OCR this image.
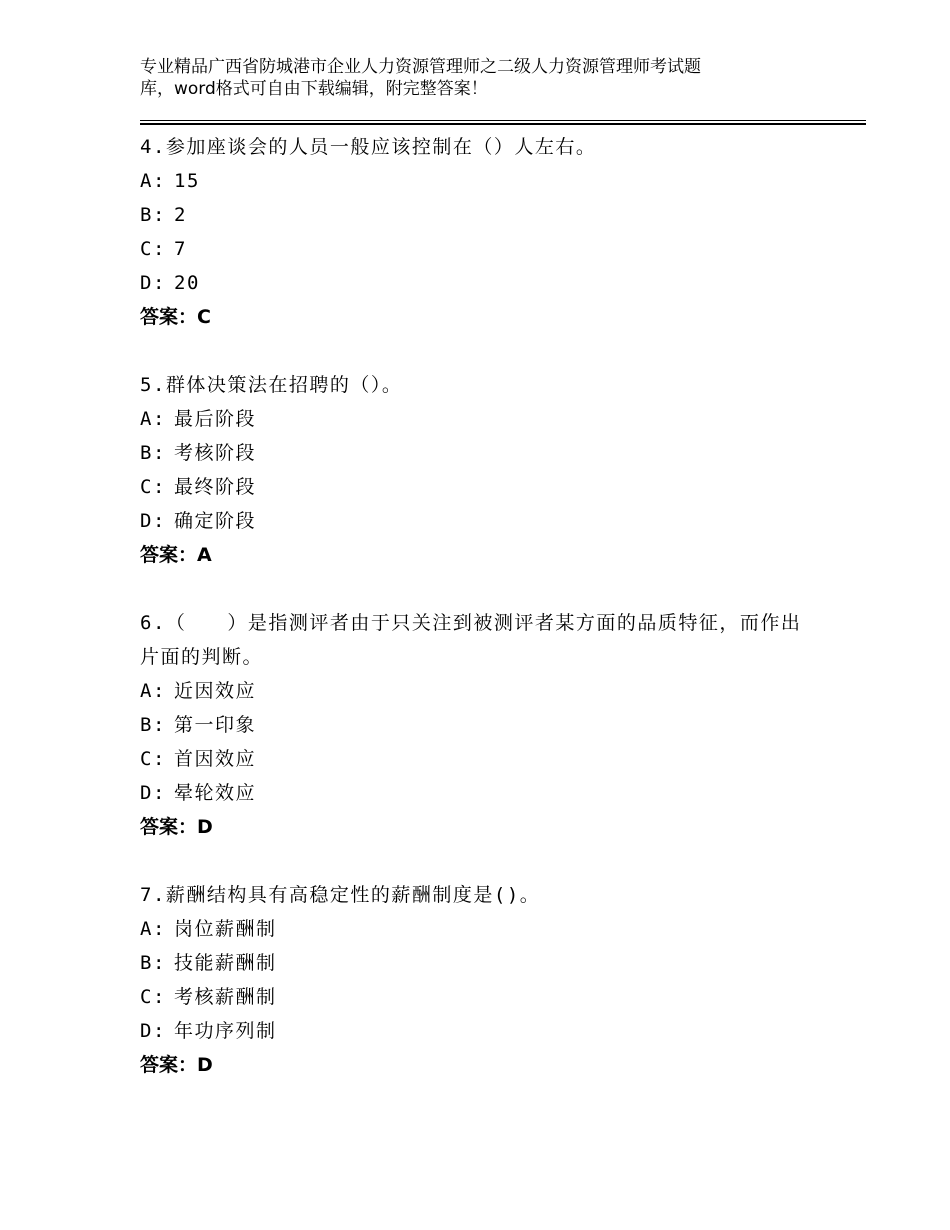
专业精品广西省防城港市企业人力资源管理师之二级人力资源管理师考试题
库，word格式可自由下载编辑，附完整答案！
4.参加座谈会的人员一般应该控制在（）人左右。
A: 15
B: 2
C: 7
D: 20
答案：C
5.群体决策法在招聘的（）。
A: 最后阶段
B: 考核阶段
C: 最终阶段
D: 确定阶段
答案：A
6.（　　）是指测评者由于只关注到被测评者某方面的品质特征，而作出片面的判断。
A: 近因效应
B: 第一印象
C: 首因效应
D: 晕轮效应
答案：D
7.薪酬结构具有高稳定性的薪酬制度是()。
A: 岗位薪酬制
B: 技能薪酬制
C: 考核薪酬制
D: 年功序列制
答案：D
